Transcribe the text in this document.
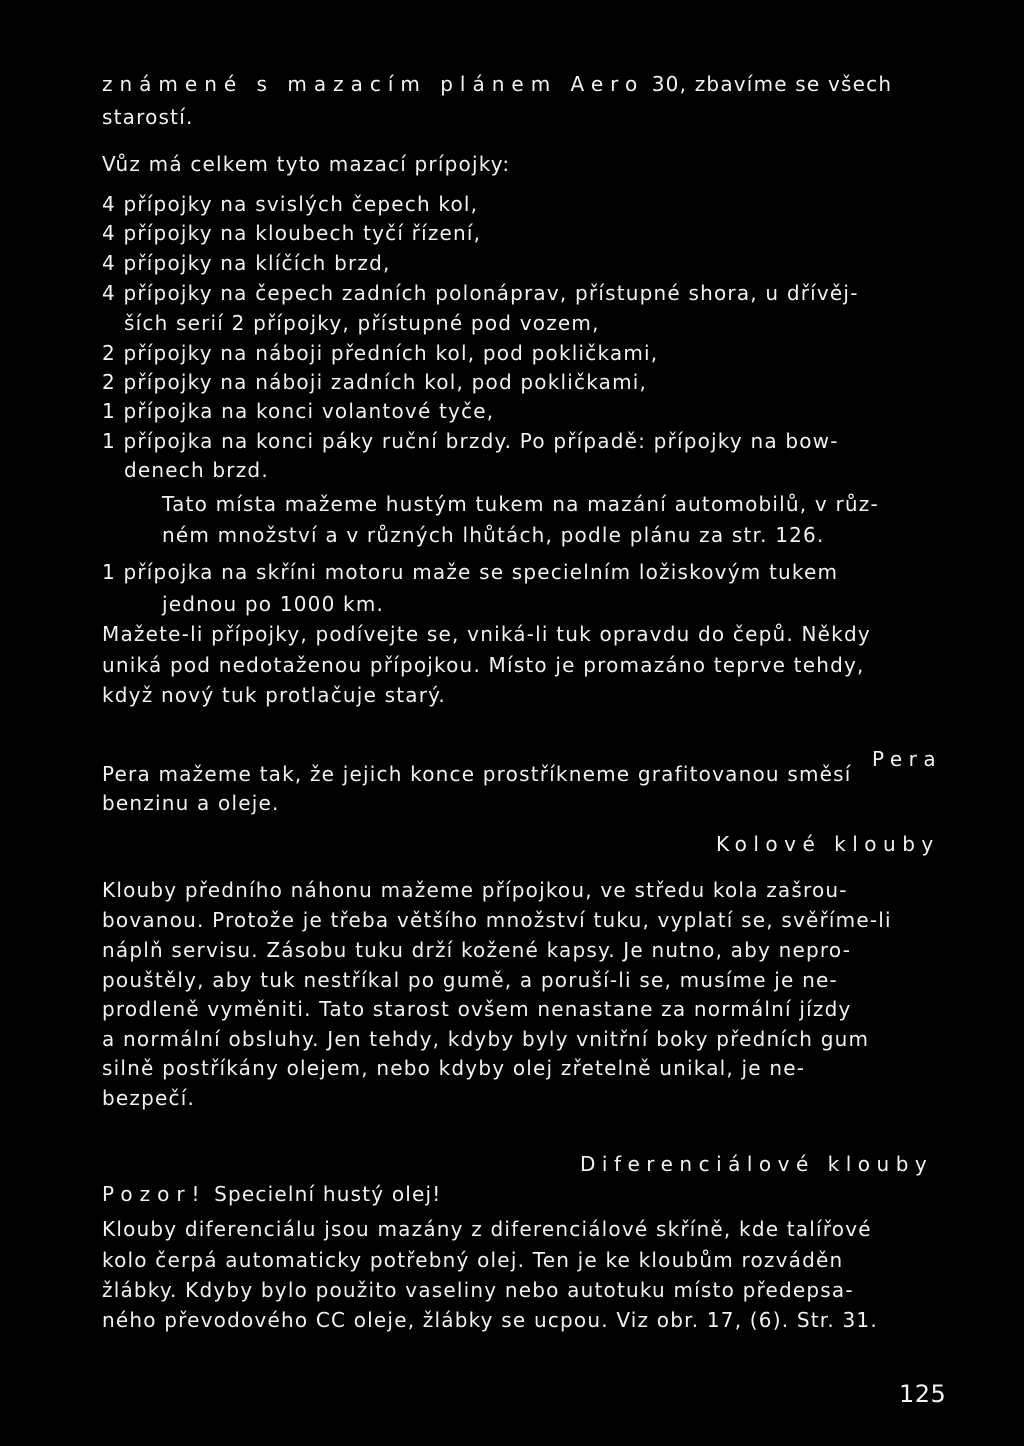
známené s mazacím plánem Aero 30, zbavíme se všech
starostí.
Vůz má celkem tyto mazací prípojky:
4 přípojky na svislých čepech kol,
4 přípojky na kloubech tyčí řízení,
4 přípojky na klíčích brzd,
4 přípojky na čepech zadních polonáprav, přístupné shora, u dřívěj-
ších serií 2 přípojky, přístupné pod vozem,
2 přípojky na náboji předních kol, pod pokličkami,
2 přípojky na náboji zadních kol, pod pokličkami,
1 přípojka na konci volantové tyče,
1 přípojka na konci páky ruční brzdy. Po případě: přípojky na bow-
denech brzd.
Tato místa mažeme hustým tukem na mazání automobilů, v růz-
ném množství a v různých lhůtách, podle plánu za str. 126.
1 přípojka na skříni motoru maže se specielním ložiskovým tukem
jednou po 1000 km.
Mažete-li přípojky, podívejte se, vniká-li tuk opravdu do čepů. Někdy
uniká pod nedotaženou přípojkou. Místo je promazáno teprve tehdy,
když nový tuk protlačuje starý.
Pera
Pera mažeme tak, že jejich konce prostříkneme grafitovanou směsí
benzinu a oleje.
Kolové klouby
Klouby předního náhonu mažeme přípojkou, ve středu kola zašrou-
bovanou. Protože je třeba většího množství tuku, vyplatí se, svěříme-li
náplň servisu. Zásobu tuku drží kožené kapsy. Je nutno, aby nepro-
pouštěly, aby tuk nestříkal po gumě, a poruší-li se, musíme je ne-
prodleně vyměniti. Tato starost ovšem nenastane za normální jízdy
a normální obsluhy. Jen tehdy, kdyby byly vnitřní boky předních gum
silně postříkány olejem, nebo kdyby olej zřetelně unikal, je ne-
bezpečí.
Diferenciálové klouby
Pozor! Specielní hustý olej!
Klouby diferenciálu jsou mazány z diferenciálové skříně, kde talířové
kolo čerpá automaticky potřebný olej. Ten je ke kloubům rozváděn
žlábky. Kdyby bylo použito vaseliny nebo autotuku místo předepsa-
ného převodového CC oleje, žlábky se ucpou. Viz obr. 17, (6). Str. 31.
125
